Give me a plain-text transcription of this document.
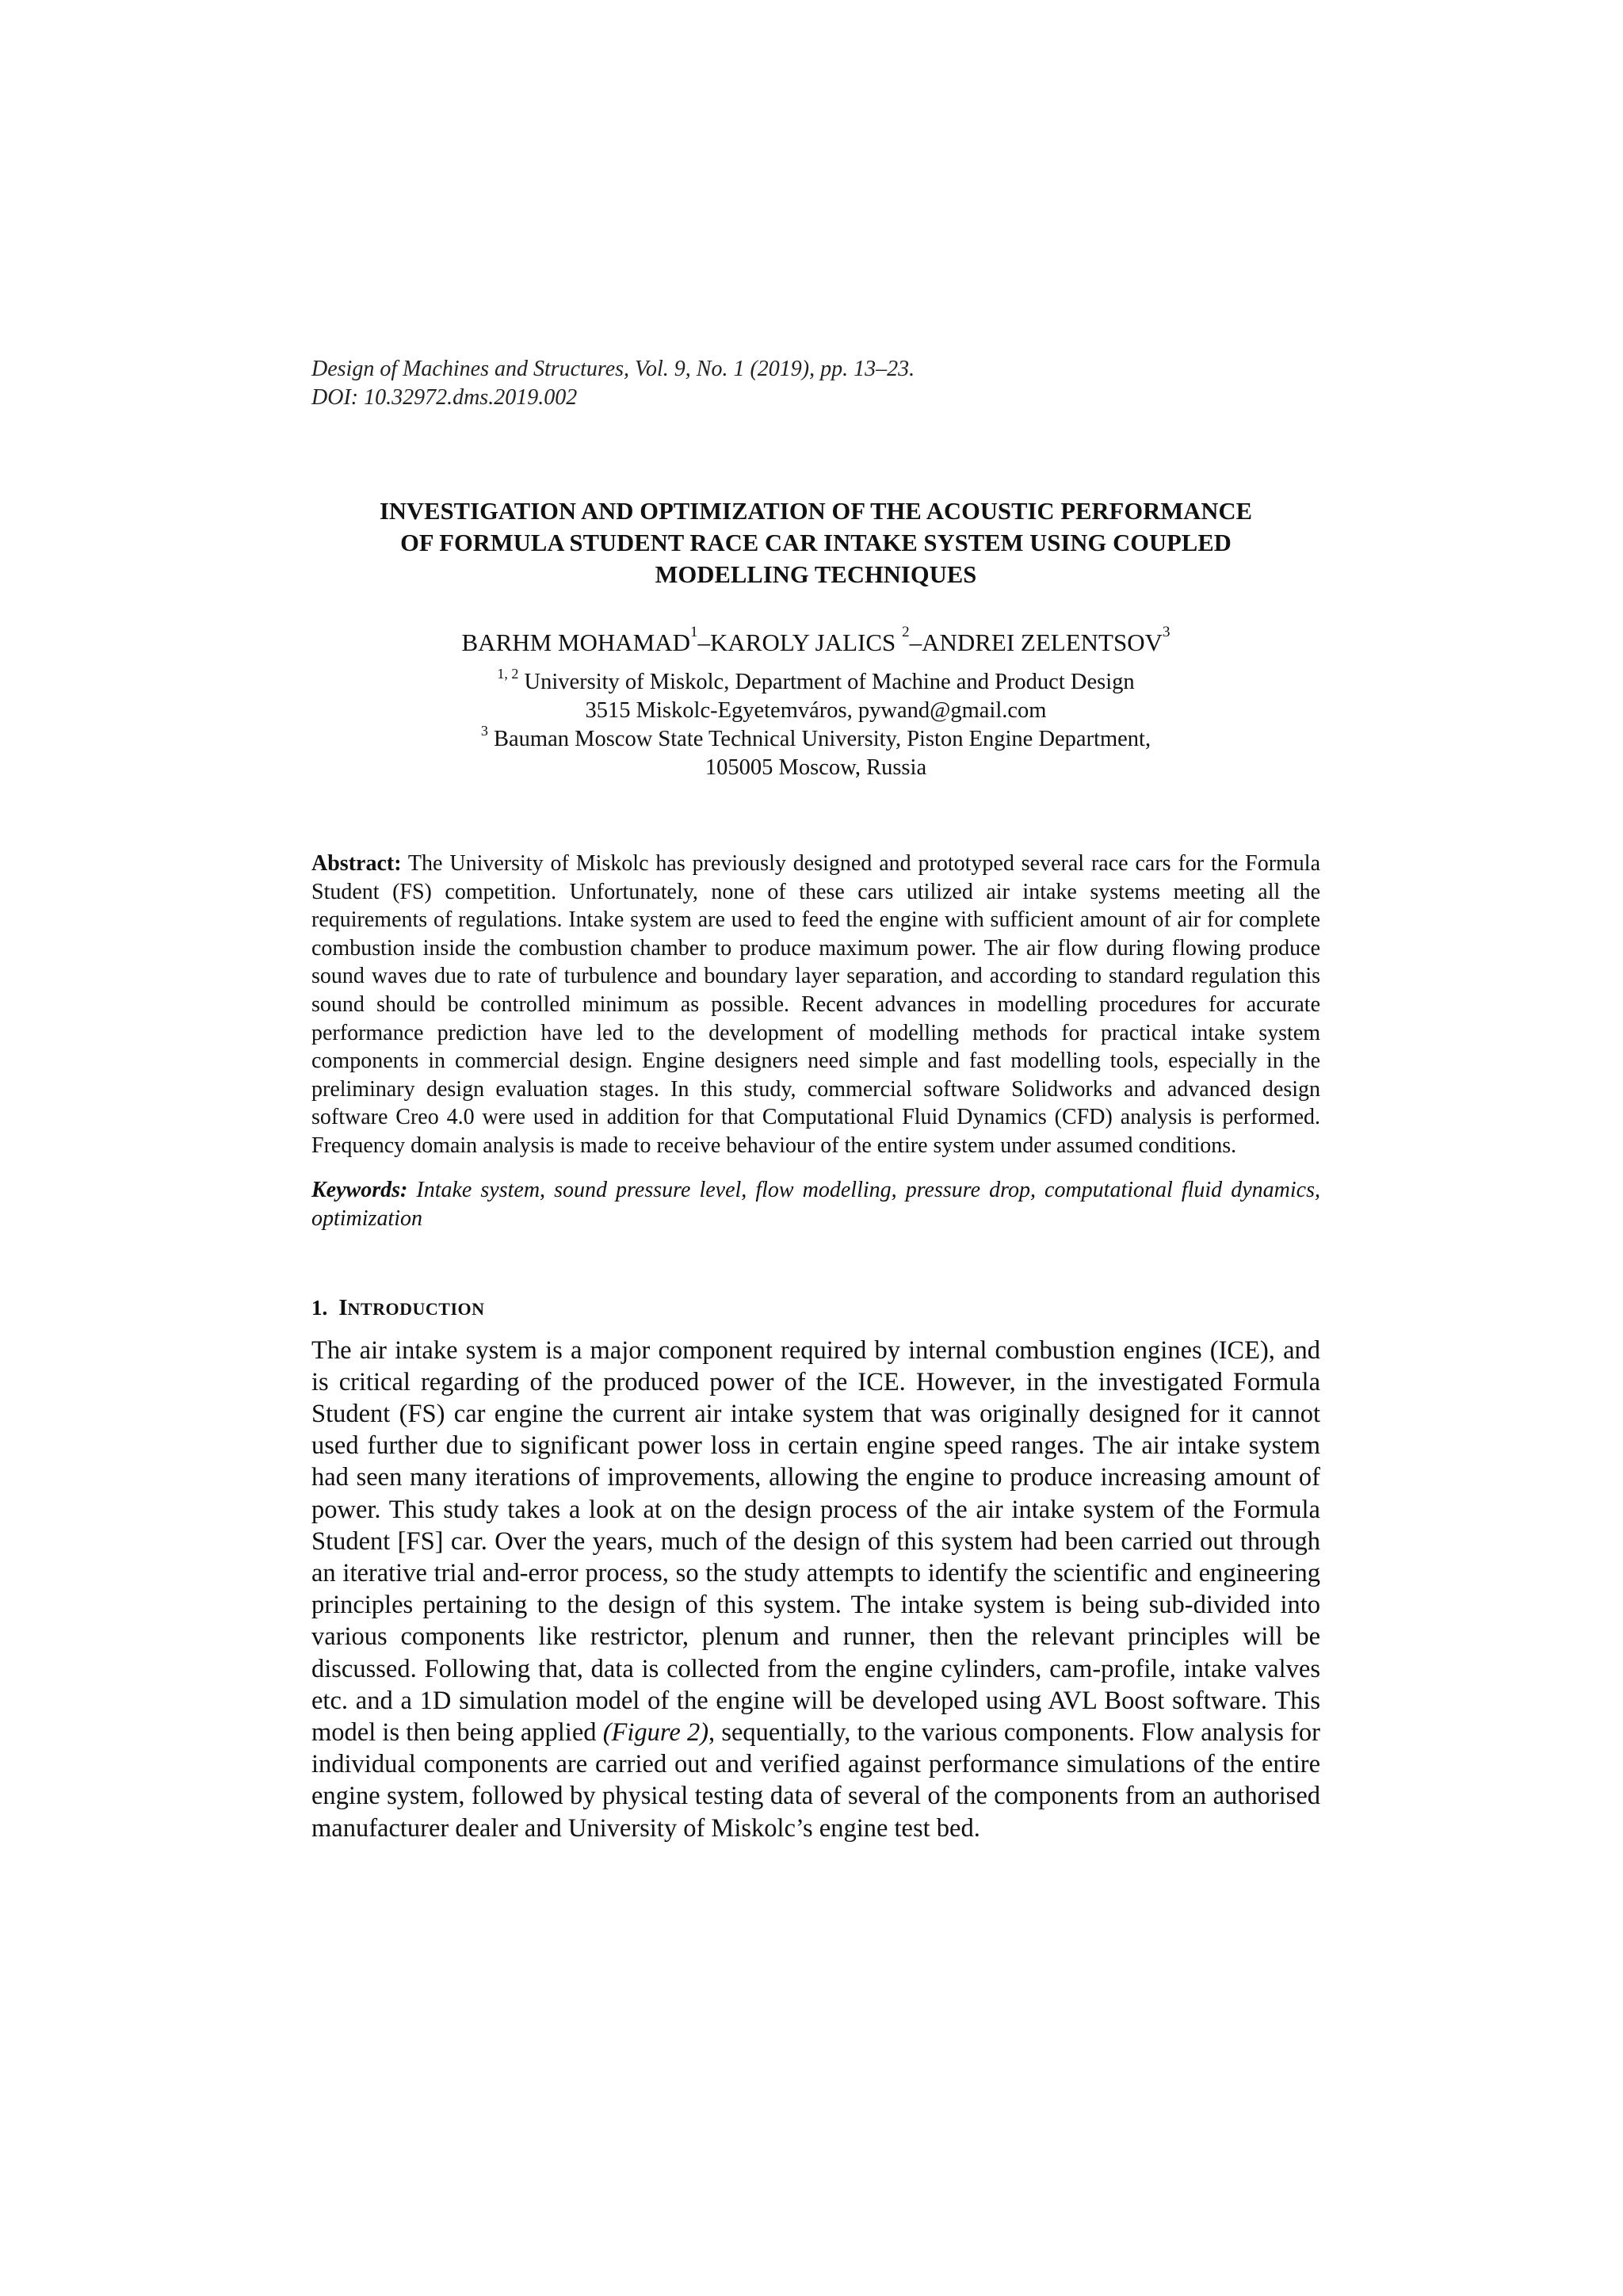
Design of Machines and Structures, Vol. 9, No. 1 (2019), pp. 13–23.
DOI: 10.32972.dms.2019.002
INVESTIGATION AND OPTIMIZATION OF THE ACOUSTIC PERFORMANCE
OF FORMULA STUDENT RACE CAR INTAKE SYSTEM USING COUPLED
MODELLING TECHNIQUES
BARHM MOHAMAD$^1$–KAROLY JALICS $^2$–ANDREI ZELENTSOV$^3$
$^{1, 2}$ University of Miskolc, Department of Machine and Product Design
3515 Miskolc-Egyetemváros, pywand@gmail.com
$^3$ Bauman Moscow State Technical University, Piston Engine Department,
105005 Moscow, Russia
Abstract: The University of Miskolc has previously designed and prototyped several race cars for the Formula Student (FS) competition. Unfortunately, none of these cars utilized air intake systems meeting all the requirements of regulations. Intake system are used to feed the engine with sufficient amount of air for complete combustion inside the combustion chamber to produce maximum power. The air flow during flowing produce sound waves due to rate of turbulence and boundary layer separation, and according to standard regulation this sound should be controlled minimum as possible. Recent advances in modelling procedures for accurate performance prediction have led to the development of modelling methods for practical intake system components in commercial design. Engine designers need simple and fast modelling tools, especially in the preliminary design evaluation stages. In this study, commercial software Solidworks and advanced design software Creo 4.0 were used in addition for that Computational Fluid Dynamics (CFD) analysis is performed. Frequency domain analysis is made to receive behaviour of the entire system under assumed conditions.
Keywords: Intake system, sound pressure level, flow modelling, pressure drop, computational fluid dynamics, optimization
1. INTRODUCTION
The air intake system is a major component required by internal combustion engines (ICE), and is critical regarding of the produced power of the ICE. However, in the investigated Formula Student (FS) car engine the current air intake system that was originally designed for it cannot used further due to significant power loss in certain engine speed ranges. The air intake system had seen many iterations of improvements, allowing the engine to produce increasing amount of power. This study takes a look at on the design process of the air intake system of the Formula Student [FS] car. Over the years, much of the design of this system had been carried out through an iterative trial and-error process, so the study attempts to identify the scientific and engineering principles pertaining to the design of this system. The intake system is being sub-divided into various components like restrictor, plenum and runner, then the relevant principles will be discussed. Following that, data is collected from the engine cylinders, cam-profile, intake valves etc. and a 1D simulation model of the engine will be developed using AVL Boost software. This model is then being applied (Figure 2), sequentially, to the various components. Flow analysis for individual components are carried out and verified against performance simulations of the entire engine system, followed by physical testing data of several of the components from an authorised manufacturer dealer and University of Miskolc’s engine test bed.
